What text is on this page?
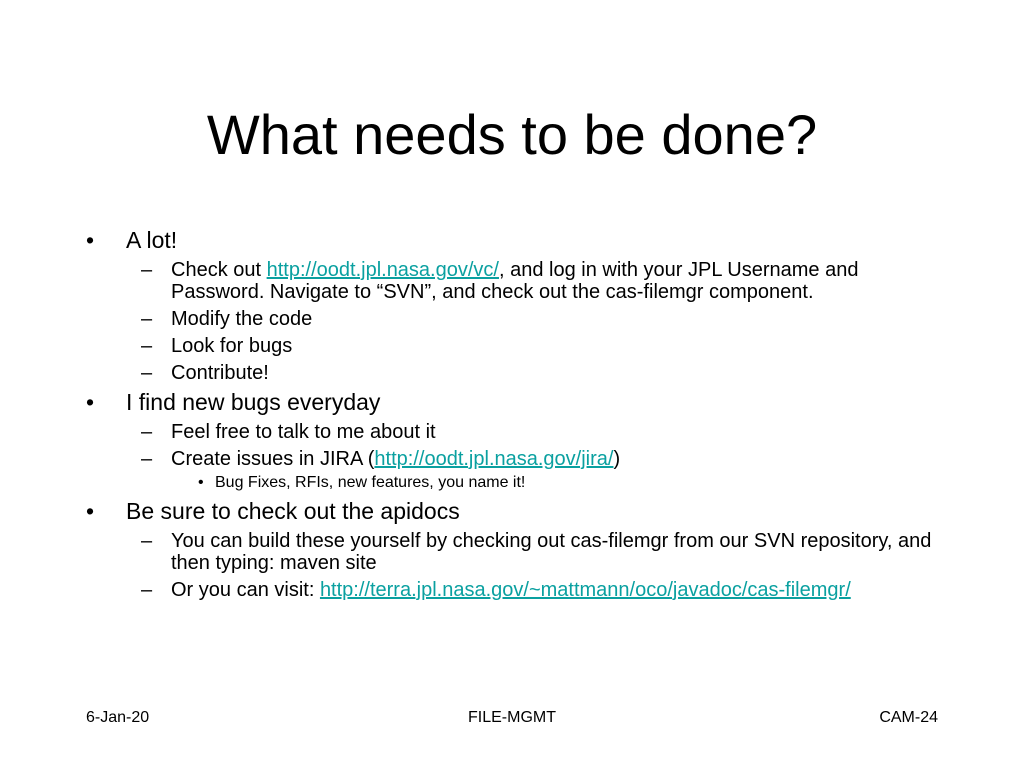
What needs to be done?
• A lot!
– Check out http://oodt.jpl.nasa.gov/vc/, and log in with your JPL Username and Password. Navigate to “SVN”, and check out the cas-filemgr component.
– Modify the code
– Look for bugs
– Contribute!
• I find new bugs everyday
– Feel free to talk to me about it
– Create issues in JIRA (http://oodt.jpl.nasa.gov/jira/)
• Bug Fixes, RFIs, new features, you name it!
• Be sure to check out the apidocs
– You can build these yourself by checking out cas-filemgr from our SVN repository, and then typing: maven site
– Or you can visit: http://terra.jpl.nasa.gov/~mattmann/oco/javadoc/cas-filemgr/
6-Jan-20	FILE-MGMT	CAM-24
